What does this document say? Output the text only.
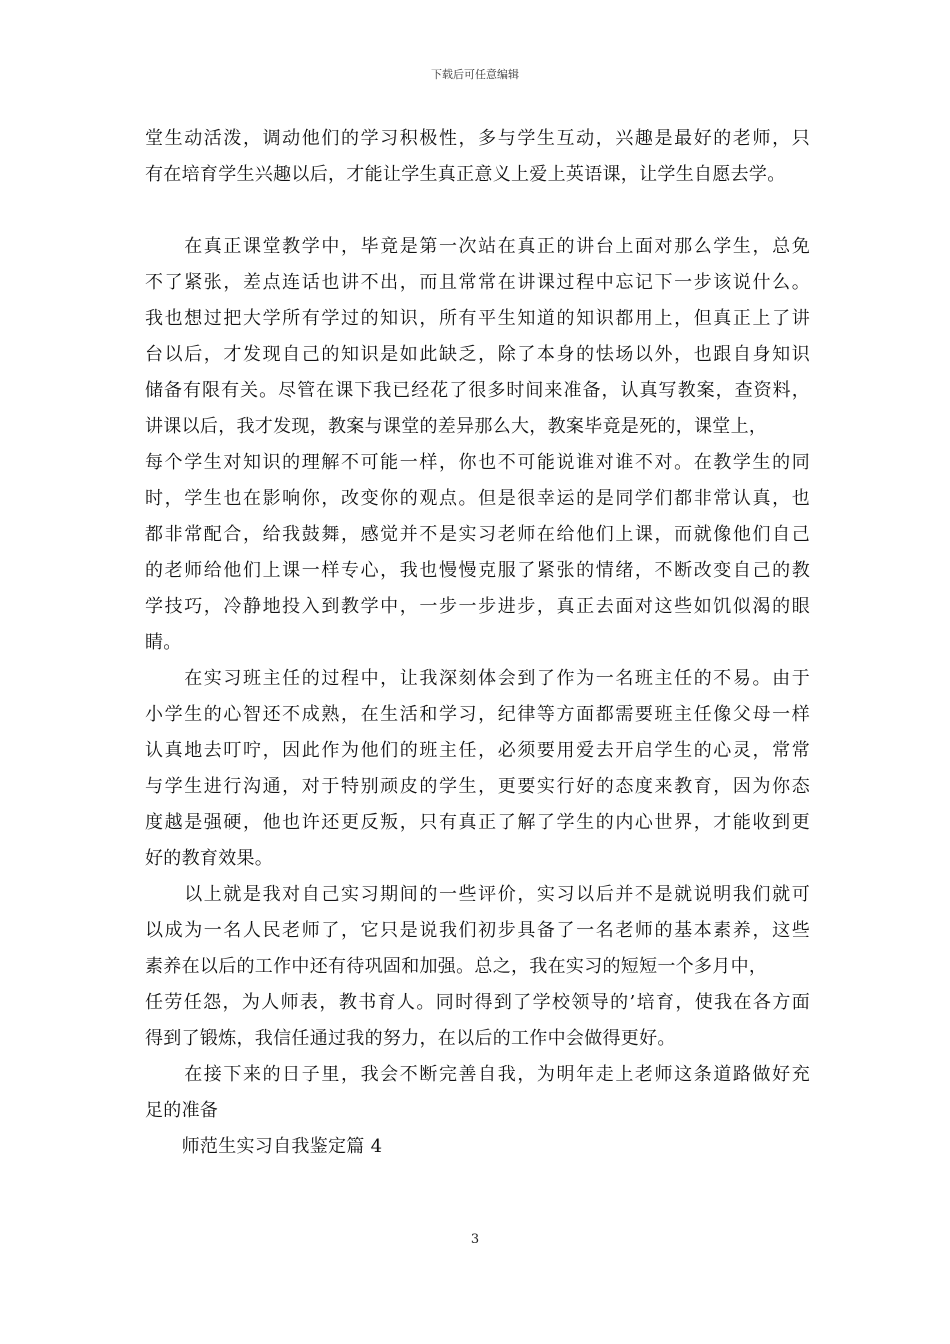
下载后可任意编辑
堂生动活泼，调动他们的学习积极性，多与学生互动，兴趣是最好的老师，只
有在培育学生兴趣以后，才能让学生真正意义上爱上英语课，让学生自愿去学。
　　在真正课堂教学中，毕竟是第一次站在真正的讲台上面对那么学生，总免
不了紧张，差点连话也讲不出，而且常常在讲课过程中忘记下一步该说什么。
我也想过把大学所有学过的知识，所有平生知道的知识都用上，但真正上了讲
台以后，才发现自己的知识是如此缺乏，除了本身的怯场以外，也跟自身知识
储备有限有关。尽管在课下我已经花了很多时间来准备，认真写教案，查资料，
讲课以后，我才发现，教案与课堂的差异那么大，教案毕竟是死的，课堂上，
每个学生对知识的理解不可能一样，你也不可能说谁对谁不对。在教学生的同
时，学生也在影响你，改变你的观点。但是很幸运的是同学们都非常认真，也
都非常配合，给我鼓舞，感觉并不是实习老师在给他们上课，而就像他们自己
的老师给他们上课一样专心，我也慢慢克服了紧张的情绪，不断改变自己的教
学技巧，冷静地投入到教学中，一步一步进步，真正去面对这些如饥似渴的眼
睛。
　　在实习班主任的过程中，让我深刻体会到了作为一名班主任的不易。由于
小学生的心智还不成熟，在生活和学习，纪律等方面都需要班主任像父母一样
认真地去叮咛，因此作为他们的班主任，必须要用爱去开启学生的心灵，常常
与学生进行沟通，对于特别顽皮的学生，更要实行好的态度来教育，因为你态
度越是强硬，他也许还更反叛，只有真正了解了学生的内心世界，才能收到更
好的教育效果。
　　以上就是我对自己实习期间的一些评价，实习以后并不是就说明我们就可
以成为一名人民老师了，它只是说我们初步具备了一名老师的基本素养，这些
素养在以后的工作中还有待巩固和加强。总之，我在实习的短短一个多月中，
任劳任怨，为人师表，教书育人。同时得到了学校领导的’培育，使我在各方面
得到了锻炼，我信任通过我的努力，在以后的工作中会做得更好。
　　在接下来的日子里，我会不断完善自我，为明年走上老师这条道路做好充
足的准备
　　师范生实习自我鉴定篇 4
3
